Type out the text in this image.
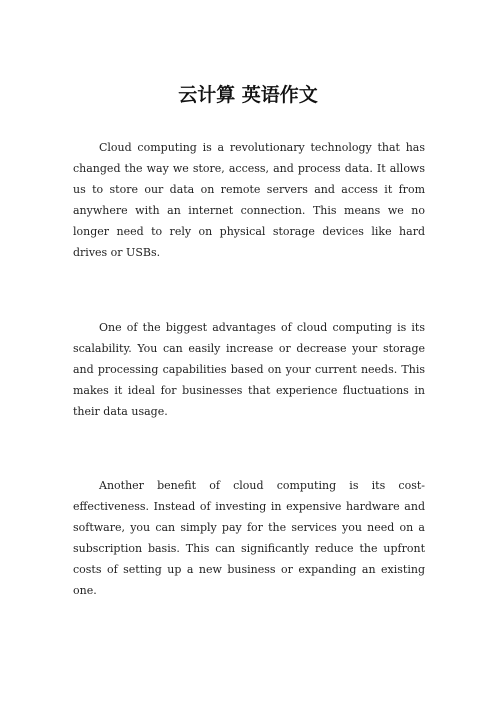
云计算 英语作文

Cloud computing is a revolutionary technology that has changed the way we store, access, and process data. It allows us to store our data on remote servers and access it from anywhere with an internet connection. This means we no longer need to rely on physical storage devices like hard drives or USBs.

One of the biggest advantages of cloud computing is its scalability. You can easily increase or decrease your storage and processing capabilities based on your current needs. This makes it ideal for businesses that experience fluctuations in their data usage.

Another benefit of cloud computing is its cost-effectiveness. Instead of investing in expensive hardware and software, you can simply pay for the services you need on a subscription basis. This can significantly reduce the upfront costs of setting up a new business or expanding an existing one.
